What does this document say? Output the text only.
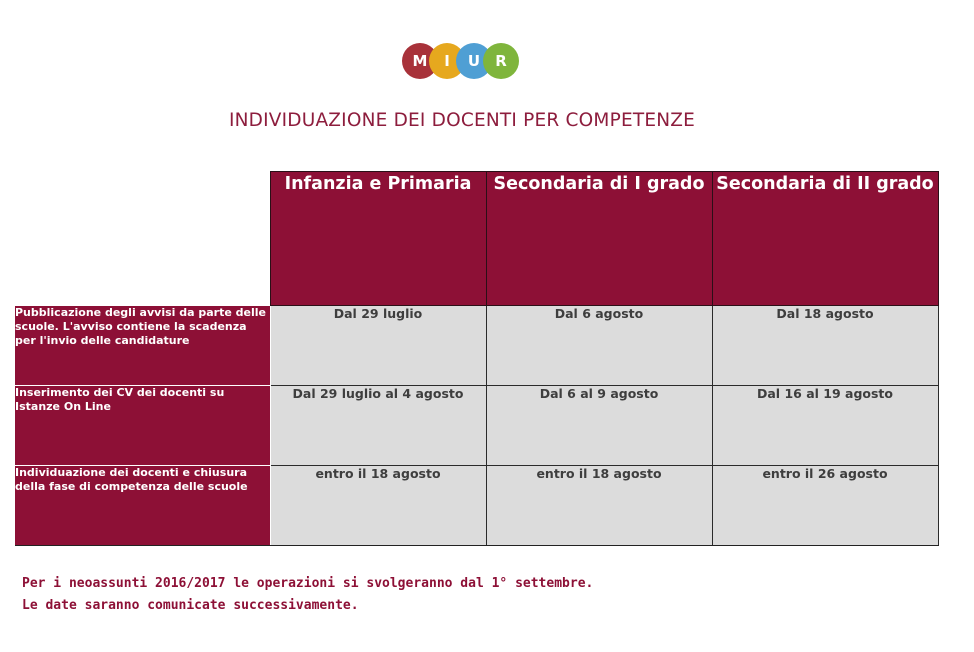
M	I	U	R
INDIVIDUAZIONE DEI DOCENTI PER COMPETENZE
	Infanzia e Primaria	Secondaria di I grado	Secondaria di II grado
Pubblicazione degli avvisi da parte delle scuole. L'avviso contiene la scadenza per l'invio delle candidature	Dal 29 luglio	Dal 6 agosto	Dal 18 agosto
Inserimento dei CV dei docenti su Istanze On Line	Dal 29 luglio al 4 agosto	Dal 6 al 9 agosto	Dal 16 al 19 agosto
Individuazione dei docenti e chiusura della fase di competenza delle scuole	entro il 18 agosto	entro il 18 agosto	entro il 26 agosto
Per i neoassunti 2016/2017 le operazioni si svolgeranno dal 1° settembre.
Le date saranno comunicate successivamente.
